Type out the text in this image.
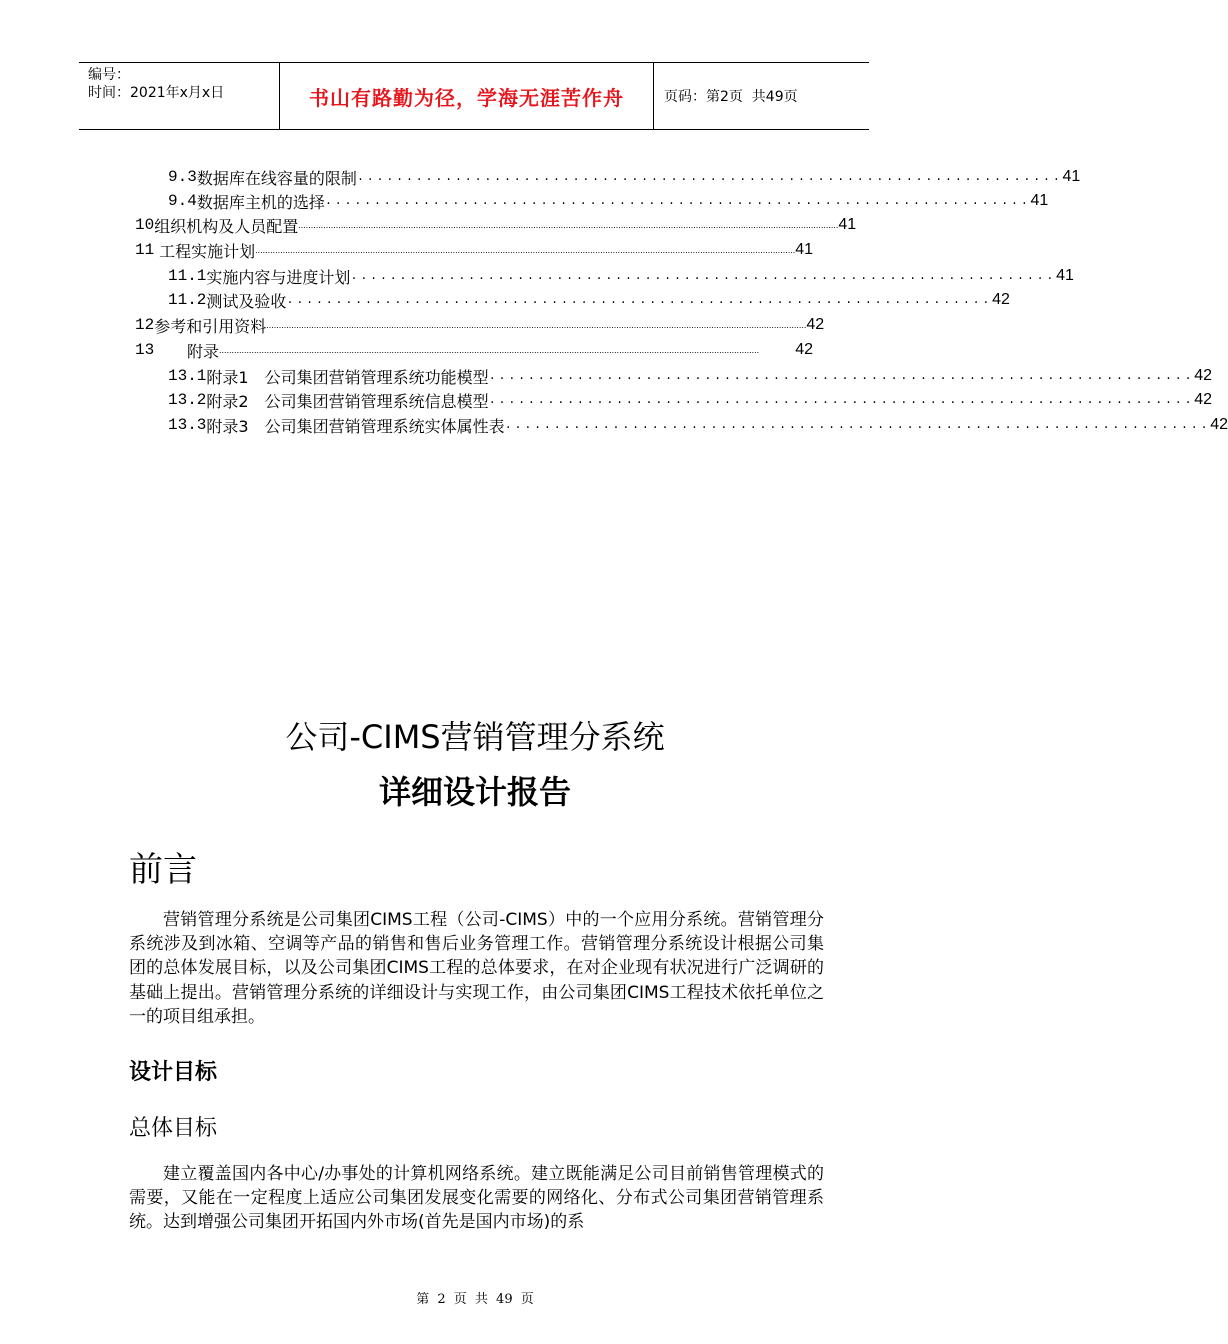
编号：
时间：2021年x月x日	书山有路勤为径，学海无涯苦作舟	页码：第2页  共49页
9.3 数据库在线容量的限制 ........................................................................ 41
9.4 数据库主机的选择 ........................................................................ 41
10 组织机构及人员配置 ........................................................................................................................................................................................................................ 41
11 工程实施计划 ........................................................................................................................................................................................................................ 41
11.1 实施内容与进度计划 ........................................................................ 41
11.2 测试及验收 ........................................................................ 42
12 参考和引用资料 ........................................................................................................................................................................................................................ 42
13	附录 ........................................................................................................................................................................................................................	42
13.1 附录1　公司集团营销管理系统功能模型 ........................................................................ 42
13.2 附录2　公司集团营销管理系统信息模型 ........................................................................ 42
13.3 附录3　公司集团营销管理系统实体属性表 ........................................................................ 42
公司-CIMS营销管理分系统
详细设计报告
前言
营销管理分系统是公司集团CIMS工程（公司-CIMS）中的一个应用分系统。营销管理分系统涉及到冰箱、空调等产品的销售和售后业务管理工作。营销管理分系统设计根据公司集团的总体发展目标，以及公司集团CIMS工程的总体要求，在对企业现有状况进行广泛调研的基础上提出。营销管理分系统的详细设计与实现工作，由公司集团CIMS工程技术依托单位之一的项目组承担。
设计目标
总体目标
建立覆盖国内各中心/办事处的计算机网络系统。建立既能满足公司目前销售管理模式的需要，又能在一定程度上适应公司集团发展变化需要的网络化、分布式公司集团营销管理系统。达到增强公司集团开拓国内外市场(首先是国内市场)的系
第 2 页 共 49 页
